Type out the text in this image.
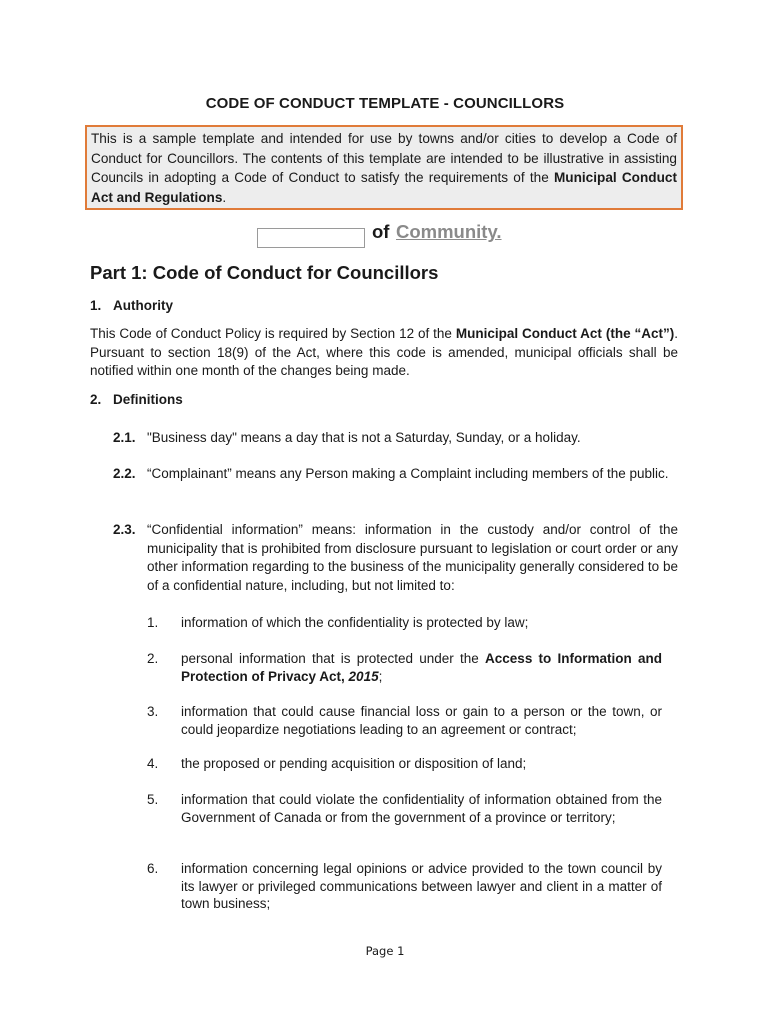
CODE OF CONDUCT TEMPLATE - COUNCILLORS
This is a sample template and intended for use by towns and/or cities to develop a Code of Conduct for Councillors. The contents of this template are intended to be illustrative in assisting Councils in adopting a Code of Conduct to satisfy the requirements of the Municipal Conduct Act and Regulations.
of Community.
Part 1: Code of Conduct for Councillors
1. Authority
This Code of Conduct Policy is required by Section 12 of the Municipal Conduct Act (the “Act”). Pursuant to section 18(9) of the Act, where this code is amended, municipal officials shall be notified within one month of the changes being made.
2. Definitions
2.1. "Business day" means a day that is not a Saturday, Sunday, or a holiday.
2.2. “Complainant” means any Person making a Complaint including members of the public.
2.3. “Confidential information” means: information in the custody and/or control of the municipality that is prohibited from disclosure pursuant to legislation or court order or any other information regarding to the business of the municipality generally considered to be of a confidential nature, including, but not limited to:
1. information of which the confidentiality is protected by law;
2. personal information that is protected under the Access to Information and Protection of Privacy Act, 2015;
3. information that could cause financial loss or gain to a person or the town, or could jeopardize negotiations leading to an agreement or contract;
4. the proposed or pending acquisition or disposition of land;
5. information that could violate the confidentiality of information obtained from the Government of Canada or from the government of a province or territory;
6. information concerning legal opinions or advice provided to the town council by its lawyer or privileged communications between lawyer and client in a matter of town business;
Page 1
